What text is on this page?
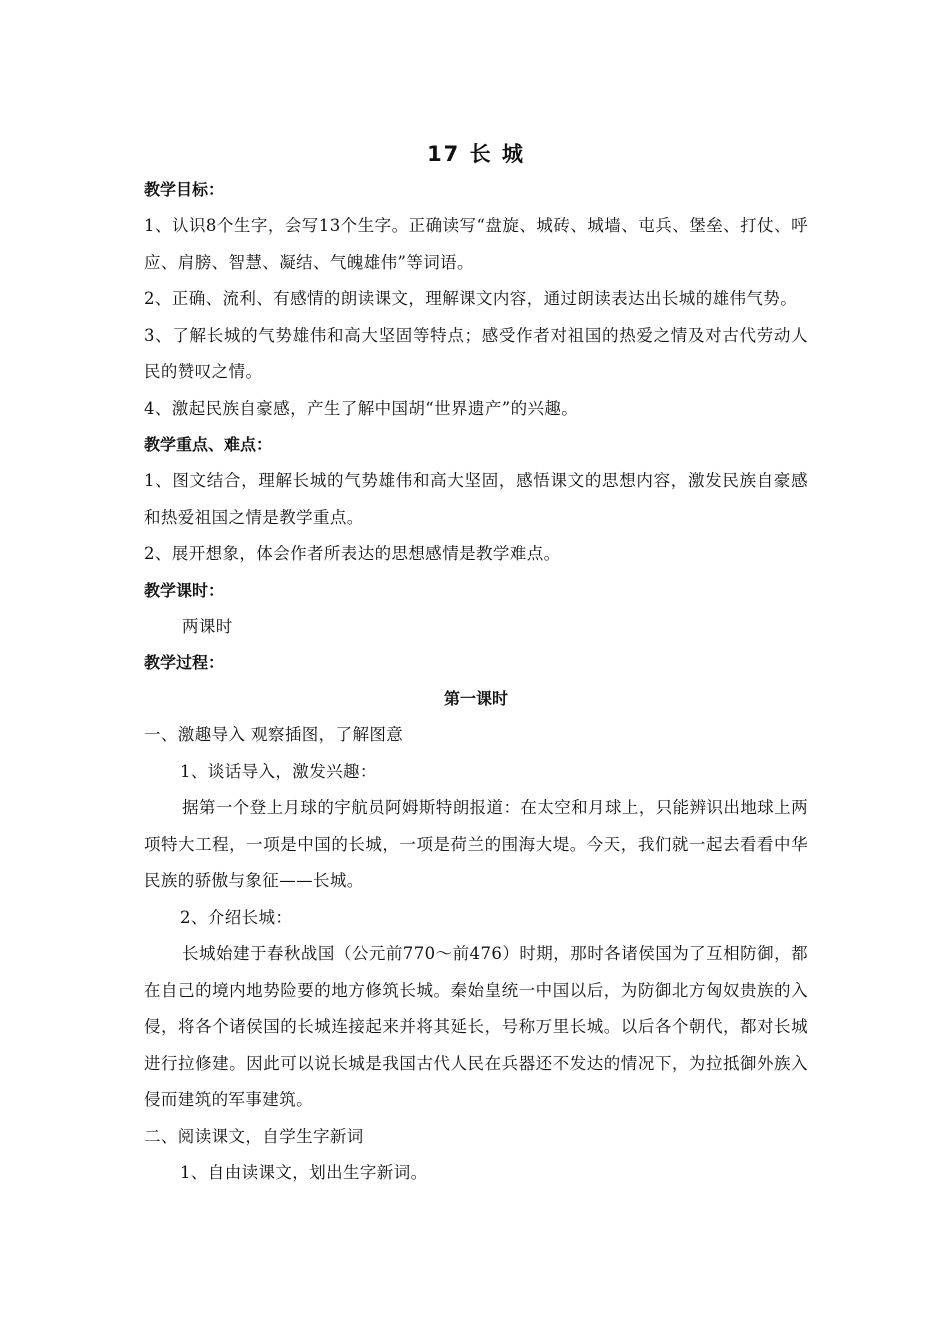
17 长 城
教学目标：

1、认识8个生字，会写13个生字。正确读写“盘旋、城砖、城墙、屯兵、堡垒、打仗、呼应、肩膀、智慧、凝结、气魄雄伟”等词语。

2、正确、流利、有感情的朗读课文，理解课文内容，通过朗读表达出长城的雄伟气势。

3、了解长城的气势雄伟和高大坚固等特点；感受作者对祖国的热爱之情及对古代劳动人民的赞叹之情。

4、激起民族自豪感，产生了解中国胡“世界遗产”的兴趣。

教学重点、难点：

1、图文结合，理解长城的气势雄伟和高大坚固，感悟课文的思想内容，激发民族自豪感和热爱祖国之情是教学重点。

2、展开想象，体会作者所表达的思想感情是教学难点。

教学课时：

两课时

教学过程：
第一课时

一、激趣导入 观察插图，了解图意

1、谈话导入，激发兴趣：

据第一个登上月球的宇航员阿姆斯特朗报道：在太空和月球上，只能辨识出地球上两项特大工程，一项是中国的长城，一项是荷兰的围海大堤。今天，我们就一起去看看中华民族的骄傲与象征——长城。

2、介绍长城：

长城始建于春秋战国（公元前770～前476）时期，那时各诸侯国为了互相防御，都在自己的境内地势险要的地方修筑长城。秦始皇统一中国以后，为防御北方匈奴贵族的入侵，将各个诸侯国的长城连接起来并将其延长，号称万里长城。以后各个朝代，都对长城进行拉修建。因此可以说长城是我国古代人民在兵器还不发达的情况下，为拉抵御外族入侵而建筑的军事建筑。

二、阅读课文，自学生字新词

1、自由读课文，划出生字新词。
